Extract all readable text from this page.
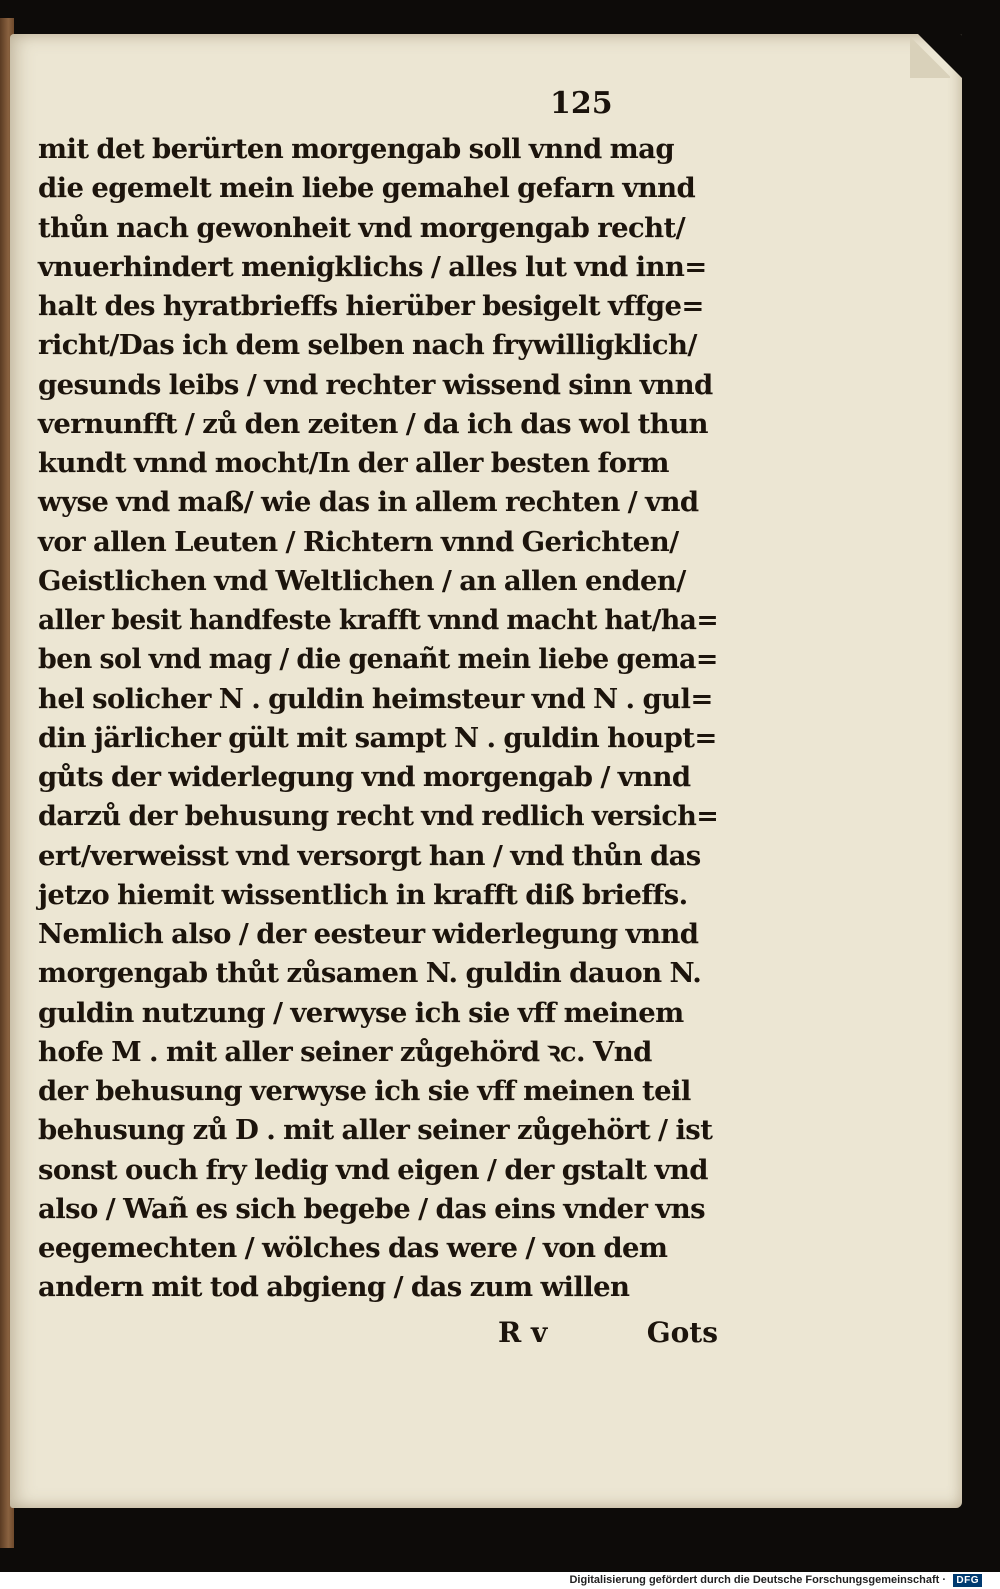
125

mit det berürten morgengab soll vnnd mag
die egemelt mein liebe gemahel gefarn vnnd
thůn nach gewonheit vnd morgengab recht/
vnuerhindert menigklichs / alles lut vnd inn=
halt des hyratbrieffs hierüber besigelt vffge=
richt/Das ich dem selben nach frywilligklich/
gesunds leibs / vnd rechter wissend sinn vnnd
vernunfft / zů den zeiten / da ich das wol thun
kundt vnnd mocht/In der aller besten form
wyse vnd maß/ wie das in allem rechten / vnd
vor allen Leuten / Richtern vnnd Gerichten/
Geistlichen vnd Weltlichen / an allen enden/
aller besit handfeste krafft vnnd macht hat/ha=
ben sol vnd mag / die genañt mein liebe gema=
hel solicher N . guldin heimsteur vnd N . gul=
din järlicher gült mit sampt N . guldin houpt=
gůts der widerlegung vnd morgengab / vnnd
darzů der behusung recht vnd redlich versich=
ert/verweisst vnd versorgt han / vnd thůn das
jetzo hiemit wissentlich in krafft diß brieffs.
Nemlich also / der eesteur widerlegung vnnd
morgengab thůt zůsamen N. guldin dauon N.
guldin nutzung / verwyse ich sie vff meinem
hofe M . mit aller seiner zůgehörd ꝛc. Vnd
der behusung verwyse ich sie vff meinen teil
behusung zů D . mit aller seiner zůgehört / ist
sonst ouch fry ledig vnd eigen / der gstalt vnd
also / Wañ es sich begebe / das eins vnder vns
eegemechten / wölches das were / von dem
andern mit tod abgieng / das zum willen
R v	Gots
Digitalisierung gefördert durch die Deutsche Forschungsgemeinschaft ·	DFG
